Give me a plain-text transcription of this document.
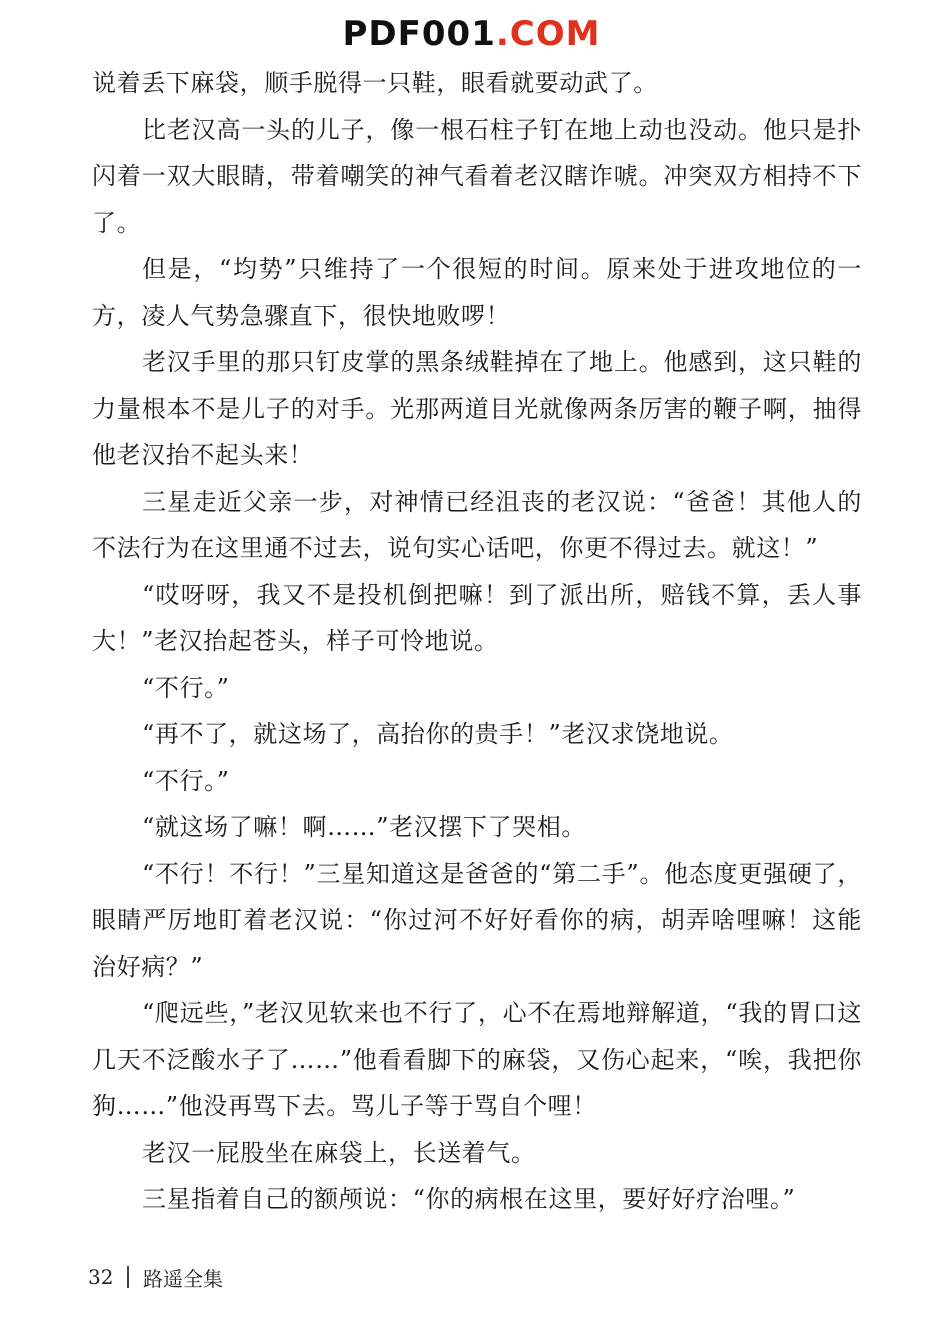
PDF001.COM

说着丢下麻袋，顺手脱得一只鞋，眼看就要动武了。

比老汉高一头的儿子，像一根石柱子钉在地上动也没动。他只是扑闪着一双大眼睛，带着嘲笑的神气看着老汉瞎诈唬。冲突双方相持不下了。

但是，“均势”只维持了一个很短的时间。原来处于进攻地位的一方，凌人气势急骤直下，很快地败啰！

老汉手里的那只钉皮掌的黑条绒鞋掉在了地上。他感到，这只鞋的力量根本不是儿子的对手。光那两道目光就像两条厉害的鞭子啊，抽得他老汉抬不起头来！

三星走近父亲一步，对神情已经沮丧的老汉说：“爸爸！其他人的不法行为在这里通不过去，说句实心话吧，你更不得过去。就这！”

“哎呀呀，我又不是投机倒把嘛！到了派出所，赔钱不算，丢人事大！”老汉抬起苍头，样子可怜地说。

“不行。”

“再不了，就这场了，高抬你的贵手！”老汉求饶地说。

“不行。”

“就这场了嘛！啊……”老汉摆下了哭相。

“不行！不行！”三星知道这是爸爸的“第二手”。他态度更强硬了，眼睛严厉地盯着老汉说：“你过河不好好看你的病，胡弄啥哩嘛！这能治好病？”

“爬远些，”老汉见软来也不行了，心不在焉地辩解道，“我的胃口这几天不泛酸水子了……”他看看脚下的麻袋，又伤心起来，“唉，我把你狗……”他没再骂下去。骂儿子等于骂自个哩！

老汉一屁股坐在麻袋上，长送着气。

三星指着自己的额颅说：“你的病根在这里，要好好疗治哩。”

32 路遥全集
